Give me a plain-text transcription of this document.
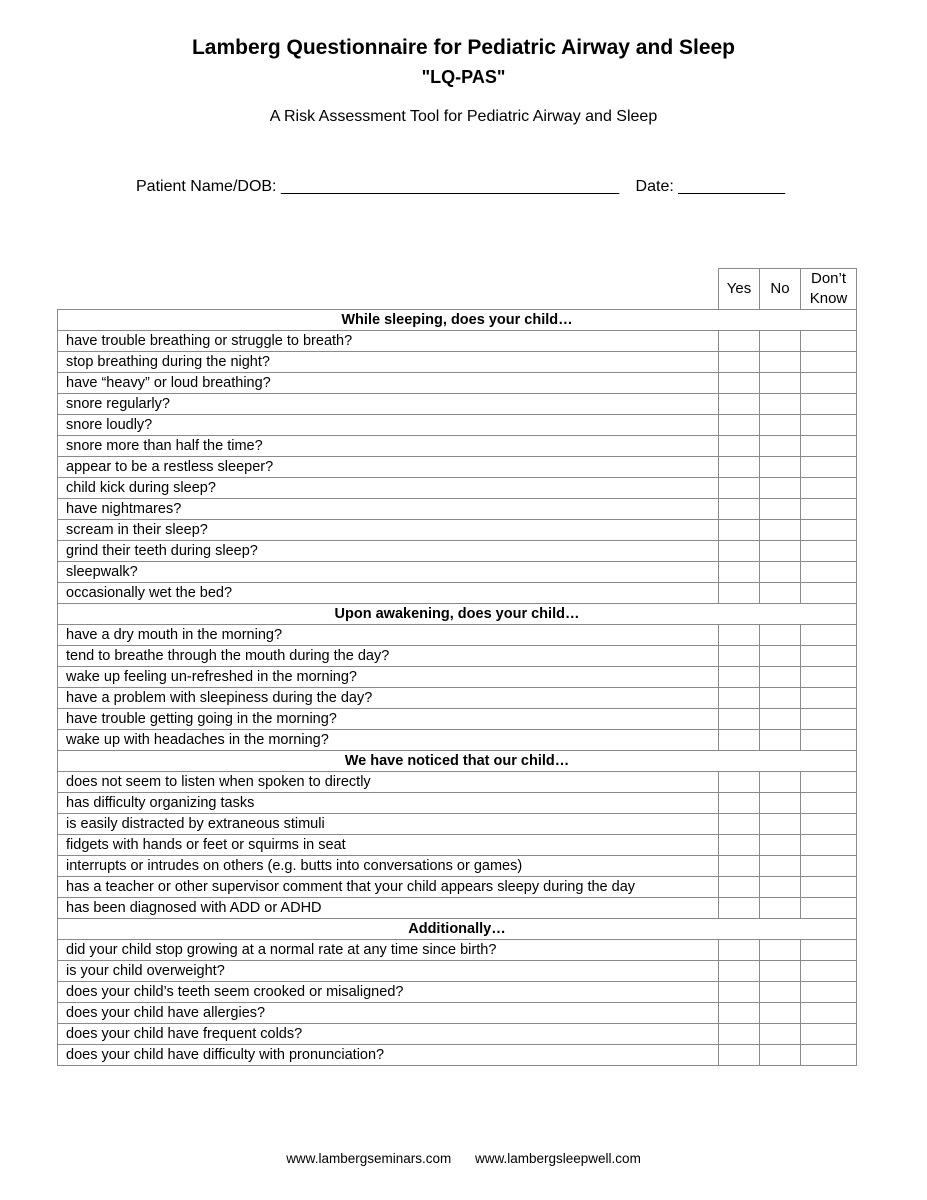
Lamberg Questionnaire for Pediatric Airway and Sleep
"LQ-PAS"
A Risk Assessment Tool for Pediatric Airway and Sleep
Patient Name/DOB: ______________________________________ Date: ____________
	Yes	No	Don’t
Know
While sleeping, does your child…			
have trouble breathing or struggle to breath?			
stop breathing during the night?			
have “heavy” or loud breathing?			
snore regularly?			
snore loudly?			
snore more than half the time?			
appear to be a restless sleeper?			
child kick during sleep?			
have nightmares?			
scream in their sleep?			
grind their teeth during sleep?			
sleepwalk?			
occasionally wet the bed?			
Upon awakening, does your child…			
have a dry mouth in the morning?			
tend to breathe through the mouth during the day?			
wake up feeling un-refreshed in the morning?			
have a problem with sleepiness during the day?			
have trouble getting going in the morning?			
wake up with headaches in the morning?			
We have noticed that our child…			
does not seem to listen when spoken to directly			
has difficulty organizing tasks			
is easily distracted by extraneous stimuli			
fidgets with hands or feet or squirms in seat			
interrupts or intrudes on others (e.g. butts into conversations or games)			
has a teacher or other supervisor comment that your child appears sleepy during the day			
has been diagnosed with ADD or ADHD			
Additionally…			
did your child stop growing at a normal rate at any time since birth?			
is your child overweight?			
does your child’s teeth seem crooked or misaligned?			
does your child have allergies?			
does your child have frequent colds?			
does your child have difficulty with pronunciation?			
www.lambergseminars.com www.lambergsleepwell.com
